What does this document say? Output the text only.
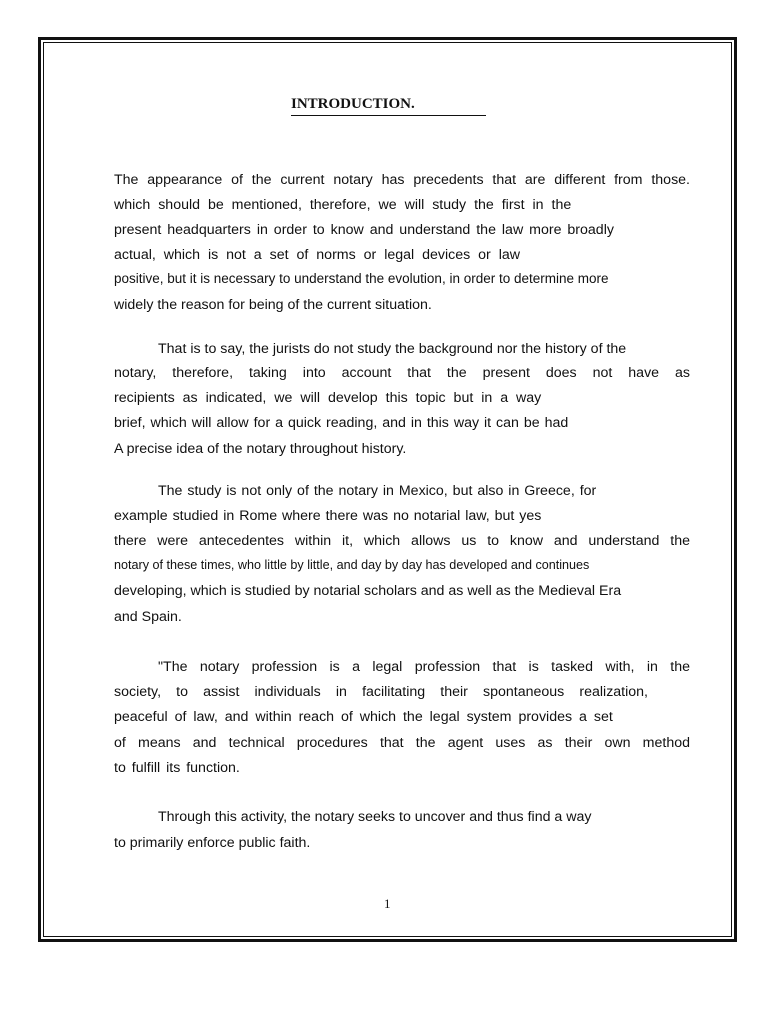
INTRODUCTION.
The appearance of the current notary has precedents that are different from those.
which should be mentioned, therefore, we will study the first in the
present headquarters in order to know and understand the law more broadly
actual, which is not a set of norms or legal devices or law
positive, but it is necessary to understand the evolution, in order to determine more
widely the reason for being of the current situation.
That is to say, the jurists do not study the background nor the history of the
notary, therefore, taking into account that the present does not have as
recipients as indicated, we will develop this topic but in a way
brief, which will allow for a quick reading, and in this way it can be had
A precise idea of the notary throughout history.
The study is not only of the notary in Mexico, but also in Greece, for
example studied in Rome where there was no notarial law, but yes
there were antecedentes within it, which allows us to know and understand the
notary of these times, who little by little, and day by day has developed and continues
developing, which is studied by notarial scholars and as well as the Medieval Era
and Spain.
"The notary profession is a legal profession that is tasked with, in the
society, to assist individuals in facilitating their spontaneous realization,
peaceful of law, and within reach of which the legal system provides a set
of means and technical procedures that the agent uses as their own method
to fulfill its function.
Through this activity, the notary seeks to uncover and thus find a way
to primarily enforce public faith.
1
